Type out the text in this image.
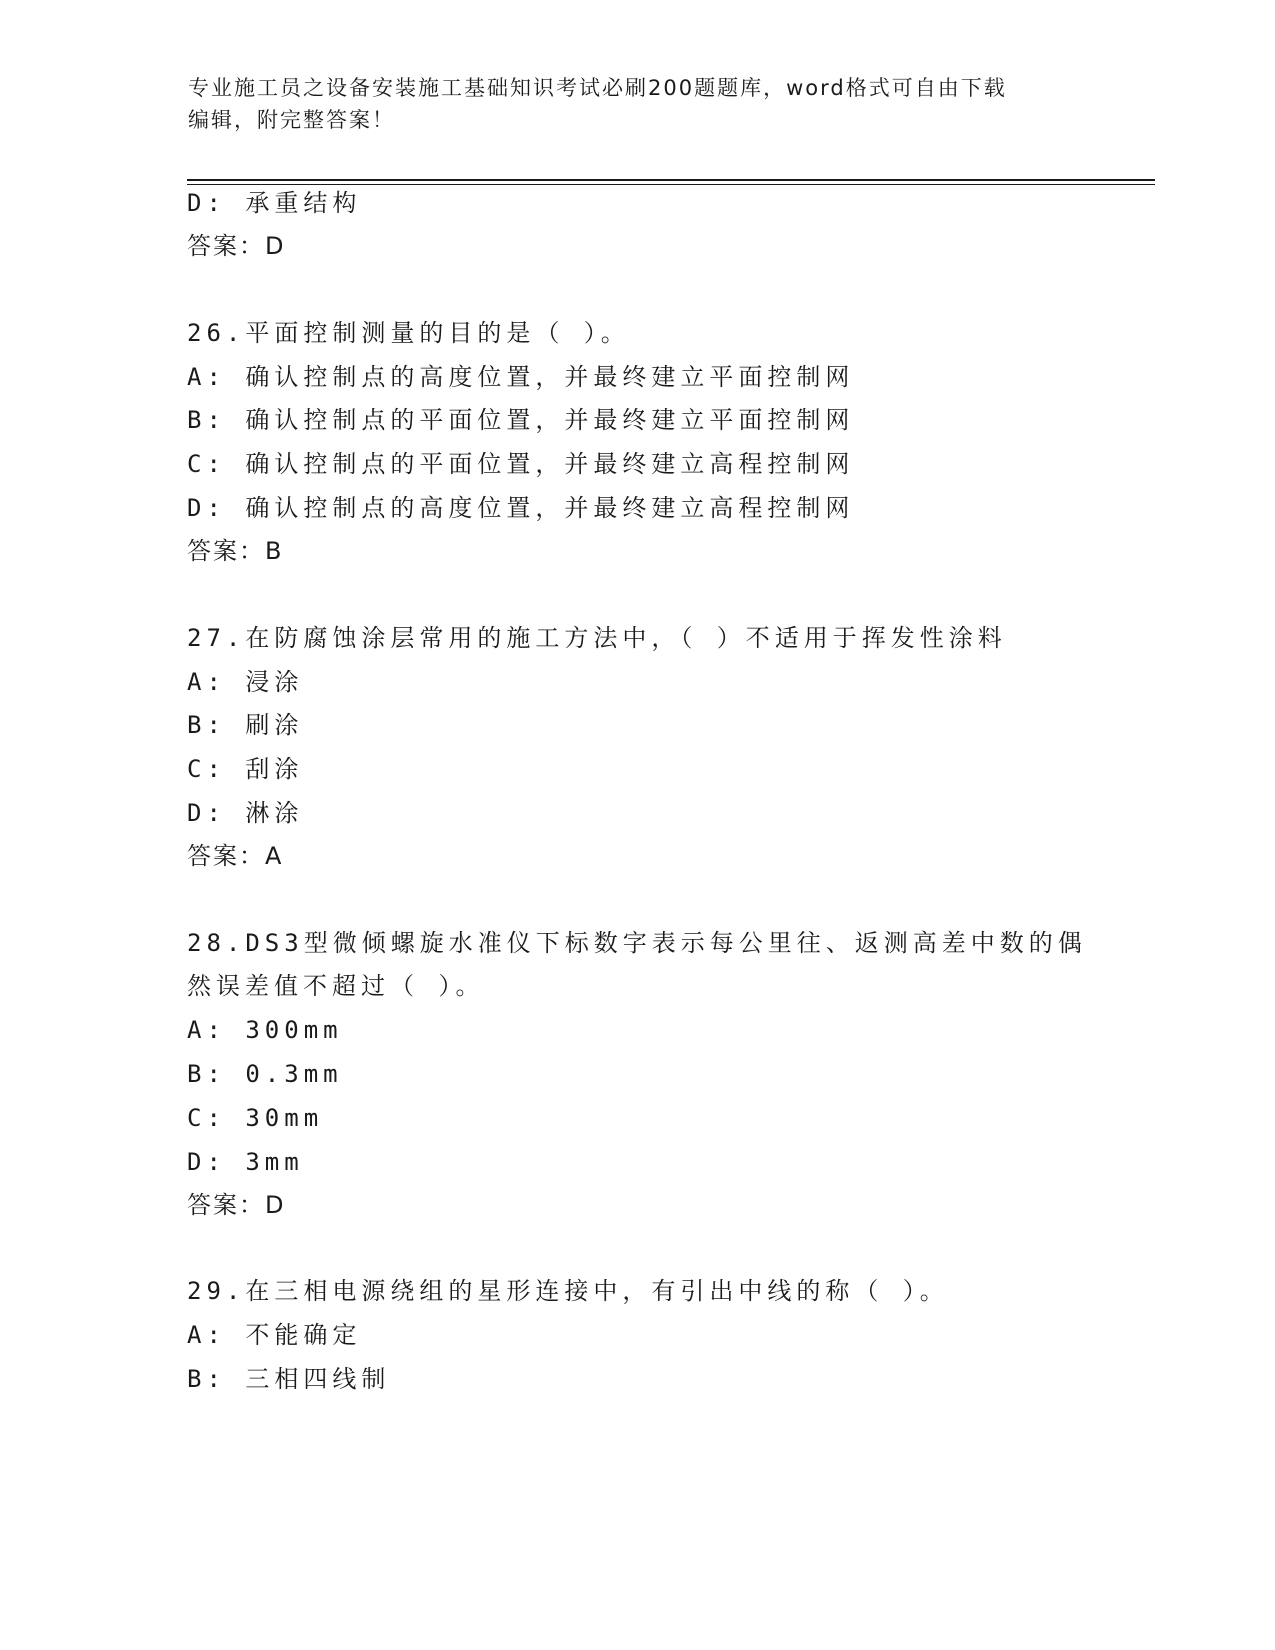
专业施工员之设备安装施工基础知识考试必刷200题题库，word格式可自由下载
编辑，附完整答案！
D: 承重结构
答案：D
26.平面控制测量的目的是（ ）。
A: 确认控制点的高度位置，并最终建立平面控制网
B: 确认控制点的平面位置，并最终建立平面控制网
C: 确认控制点的平面位置，并最终建立高程控制网
D: 确认控制点的高度位置，并最终建立高程控制网
答案：B
27.在防腐蚀涂层常用的施工方法中，（ ）不适用于挥发性涂料
A: 浸涂
B: 刷涂
C: 刮涂
D: 淋涂
答案：A
28.DS3型微倾螺旋水准仪下标数字表示每公里往、返测高差中数的偶
然误差值不超过（ ）。
A: 300mm
B: 0.3mm
C: 30mm
D: 3mm
答案：D
29.在三相电源绕组的星形连接中，有引出中线的称（ ）。
A: 不能确定
B: 三相四线制
